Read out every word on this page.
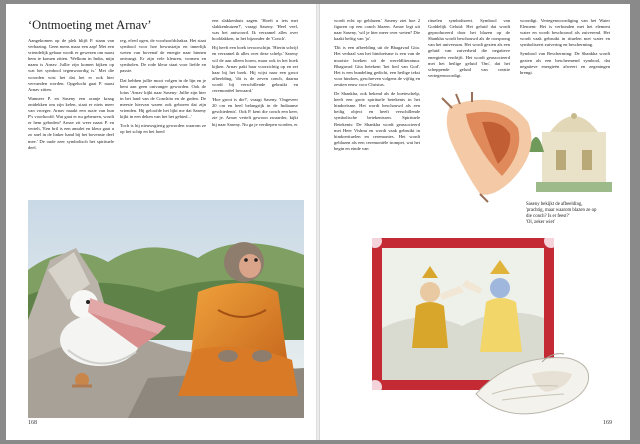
‘Ontmoeting met Arnav’

Aangekomen op de plek blijft P. staan van verbazing. Geen mens maar een aap! Met een vriendelijk gebaar wordt er gewezen om naast hem te komen zitten. 'Welkom in India, mijn naam is Arnav. Jullie zijn komen kijken op wat het symbool tegenwoordig is.' Met die woorden wist het dat het er ook hier vervanden worden. Opgelucht gaat P. naast Arnav zitten.

Wanneer P. en Saseny een oranje kraag ontdekken om zijn kelen, staat er niets meer van vroeger. Arnav maakt een ruzie van hun P's voorhoofd. Wat gaat er nu gebeuren, wordt er hem geboden? Arnav zit weer naast P. en vertelt, 'Een bril is een amulet en kleur gaat u zo snel in de linker hand bij het bovenste deel mee.' De oude zeer symbolisch het spirituele deel.

reg, efred ogen, de voorhoofdchakra. Het staat symbool voor hoe bewustzijn en innerlijk weten van bovenaf de energie naar binnen ontvangt. Er zijn vele kleuren, vormen en symbolen. De rode kleur staat voor liefde en passie.

Dat hebben jullie mooi volgen in de lijn en je bent aan geen ontvanger geworden. Ook de lotus 'Arnav kijkt naar Saseny: Jullie zijn hier in het land van de Conchita en de goden. De meeste hiervan waren ook geboren dat zijn vrienden. Hij geloofde het lijkt me dat Saseny kijkt in een deken van het het gebied...'

Toch is hij nieuwsgierig geworden waarom ze op het schip en het hoed

een slakkenhuis zagen. 'Hoeft u iets met slakkenhuizen?', vraagt Saseny. 'Heel veel, was het antwoord. Ik verzamel alles over hooldakken, in het bijzonder de 'Conch'.

Hij heeft een boek tevoorschijn. 'Hierin schrijf en verzamel ik alles over deze schelp.' Saseny wil de aan alleen horen, maar ook in het boek kijken. Arnav pakt haar voorzichtig op en zet haar bij het boek. Hij wijst naar een groot afbeelding, 'dit is de zeven conch, daarna wordt bij verschillende gebruikt en ceremoniëel bewaard.'

'Hoe groot is die?', vraagt Saseny. 'Ongeveer 20 cm en heel belangrijk in de Indiaanse geschiedenis'. Ook P. kent die conch een keer, zie je. Arnav vertelt gewoon zwaarder, kijkt bij naar Saseny. Nu ga je verdiepen worden, er

168

wordt echt op geblazen.' Saseny ziet hoe 2 figuren op een conch blazen. Arnav legt uit naar Saseny, 'wil je hier meer over weten? Die kaakt heftig van 'ja'.

'Dit is een afbeelding uit de Bhagavad Gita. Het verhaal van het hindoeïsme is een van de mooiste boeken uit de wereldliteratuur. Bhagavad Gita betekent 'het lied van God'. Het is een bundeling gedicht, een heilige tekst voor hindoes, geschreven volgens de vijftig en zestien eeuw voor Christus.

De Shankha, ook bekend als de boeteschelp, heeft een grote spirituele betekenis in het hindoeïsme. Het wordt beschouwd als een heilig object en heeft verschillende symbolische betekenissen. Spirituele Betekenis: De Shankha wordt geassocieerd met Heer Vishnu en wordt vaak gebruikt in hindoerituelen en ceremonies. Het wordt geblazen als een ceremoniële trompet, wat het begin en einde van

rituelen symboliseert. Symbool van Goddelijk Geluid: Het geluid dat wordt geproduceerd door het blazen op de Shankha wordt beschouwd als de oorsprong van het universum. Het wordt gezien als een geluid van zuiverheid die negatieve energieën verdrijft. Het wordt geassocieerd met het heilige geluid 'Om', dat het scheppende geluid van creatie vertegenwoordigt.

woordigt. Vertegenwoordiging van het Water Element: Het is verbonden met het element water en wordt beschouwd als zuiverend. Het wordt vaak gebruikt in rituelen met water en symboliseert zuivering en bescherming.

Symbool van Bescherming: De Shankha wordt gezien als een beschermend symbool, dat negatieve energieën afweert en zegeningen brengt.

Saseny bekijkt de afbeelding,
'prachtig, maar waarom blazen ze op
die conch? Is er feest?'
'Ol, zeker wiet'
169
